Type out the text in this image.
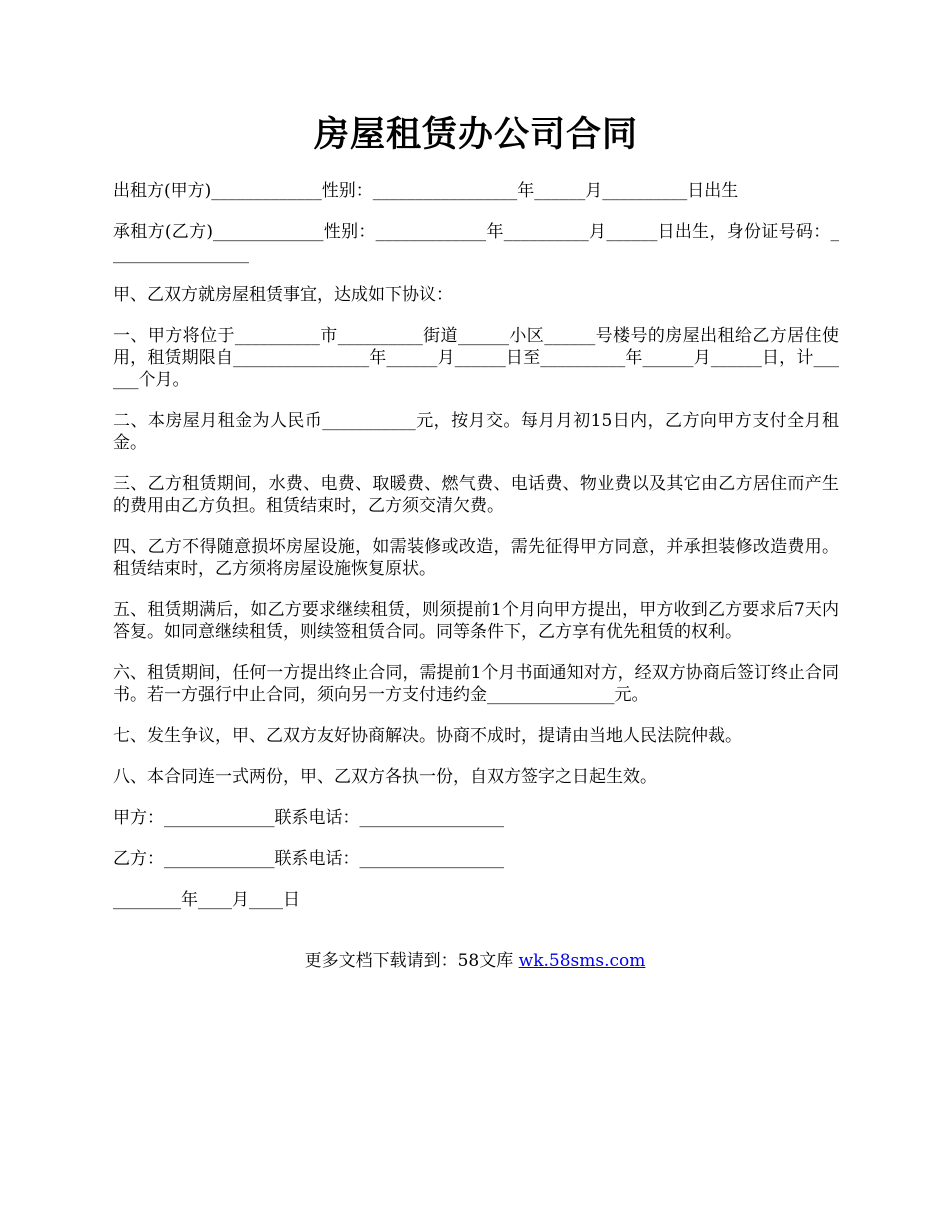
房屋租赁办公司合同

出租方(甲方)_____________性别：_________________年______月__________日出生

承租方(乙方)_____________性别：_____________年__________月______日出生，身份证号码：_________________

甲、乙双方就房屋租赁事宜，达成如下协议：

一、甲方将位于__________市__________街道______小区______号楼号的房屋出租给乙方居住使用，租赁期限自________________年______月______日至__________年______月______日，计______个月。

二、本房屋月租金为人民币___________元，按月交。每月月初15日内，乙方向甲方支付全月租金。

三、乙方租赁期间，水费、电费、取暖费、燃气费、电话费、物业费以及其它由乙方居住而产生的费用由乙方负担。租赁结束时，乙方须交清欠费。

四、乙方不得随意损坏房屋设施，如需装修或改造，需先征得甲方同意，并承担装修改造费用。租赁结束时，乙方须将房屋设施恢复原状。

五、租赁期满后，如乙方要求继续租赁，则须提前1个月向甲方提出，甲方收到乙方要求后7天内答复。如同意继续租赁，则续签租赁合同。同等条件下，乙方享有优先租赁的权利。

六、租赁期间，任何一方提出终止合同，需提前1个月书面通知对方，经双方协商后签订终止合同书。若一方强行中止合同，须向另一方支付违约金_______________元。

七、发生争议，甲、乙双方友好协商解决。协商不成时，提请由当地人民法院仲裁。

八、本合同连一式两份，甲、乙双方各执一份，自双方签字之日起生效。

甲方：_____________联系电话：_________________

乙方：_____________联系电话：_________________

________年____月____日

更多文档下载请到：58文库 wk.58sms.com
